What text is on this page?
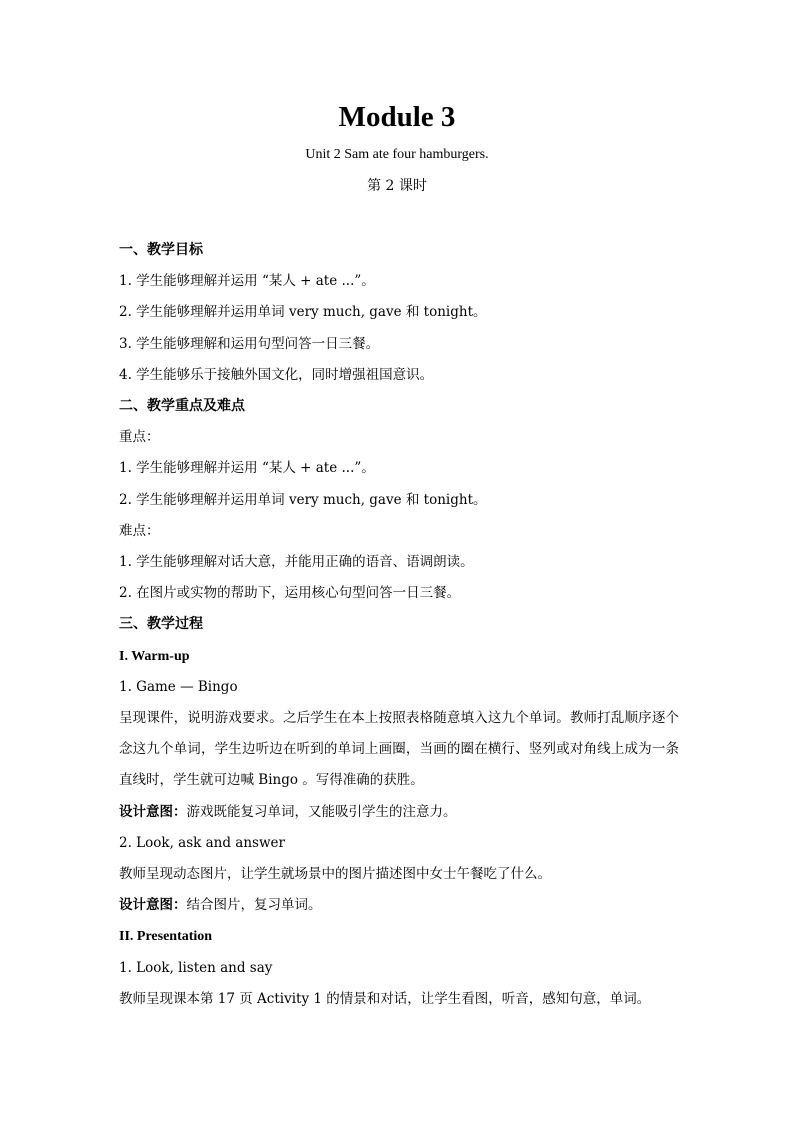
Module 3
Unit 2 Sam ate four hamburgers.
第 2 课时
一、教学目标
1. 学生能够理解并运用 “某人 + ate ...”。
2. 学生能够理解并运用单词 very much, gave 和 tonight。
3. 学生能够理解和运用句型问答一日三餐。
4. 学生能够乐于接触外国文化，同时增强祖国意识。
二、教学重点及难点
重点：
1. 学生能够理解并运用 “某人 + ate ...”。
2. 学生能够理解并运用单词 very much, gave 和 tonight。
难点：
1. 学生能够理解对话大意，并能用正确的语音、语调朗读。
2. 在图片或实物的帮助下，运用核心句型问答一日三餐。
三、教学过程
I. Warm-up
1. Game — Bingo
呈现课件，说明游戏要求。之后学生在本上按照表格随意填入这九个单词。教师打乱顺序逐个念这九个单词，学生边听边在听到的单词上画圈，当画的圈在横行、竖列或对角线上成为一条直线时，学生就可边喊 Bingo 。写得准确的获胜。
设计意图：游戏既能复习单词，又能吸引学生的注意力。
2. Look, ask and answer
教师呈现动态图片，让学生就场景中的图片描述图中女士午餐吃了什么。
设计意图：结合图片，复习单词。
II. Presentation
1. Look, listen and say
教师呈现课本第 17 页 Activity 1 的情景和对话，让学生看图，听音，感知句意，单词。
